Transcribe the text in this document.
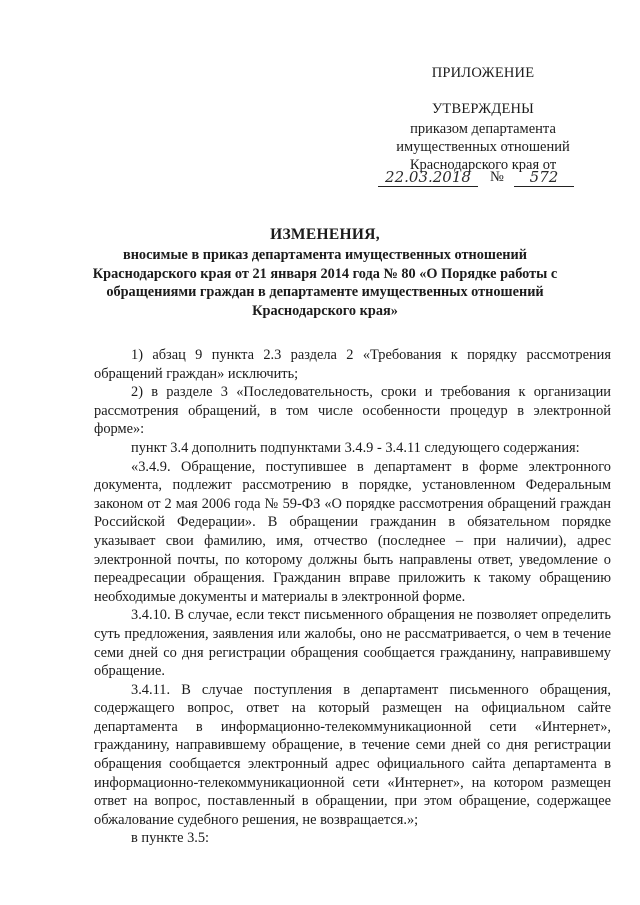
ПРИЛОЖЕНИЕ
УТВЕРЖДЕНЫ
приказом департамента
имущественных отношений
Краснодарского края от
22.03.2018	№	572
ИЗМЕНЕНИЯ,
вносимые в приказ департамента имущественных отношений
Краснодарского края от 21 января 2014 года № 80 «О Порядке работы с
обращениями граждан в департаменте имущественных отношений
Краснодарского края»

1) абзац 9 пункта 2.3 раздела 2 «Требования к порядку рассмотрения обращений граждан» исключить;

2) в разделе 3 «Последовательность, сроки и требования к организации рассмотрения обращений, в том числе особенности процедур в электронной форме»:

пункт 3.4 дополнить подпунктами 3.4.9 - 3.4.11 следующего содержания:

«3.4.9. Обращение, поступившее в департамент в форме электронного документа, подлежит рассмотрению в порядке, установленном Федеральным законом от 2 мая 2006 года № 59-ФЗ «О порядке рассмотрения обращений граждан Российской Федерации». В обращении гражданин в обязательном порядке указывает свои фамилию, имя, отчество (последнее – при наличии), адрес электронной почты, по которому должны быть направлены ответ, уведомление о переадресации обращения. Гражданин вправе приложить к такому обращению необходимые документы и материалы в электронной форме.

3.4.10. В случае, если текст письменного обращения не позволяет определить суть предложения, заявления или жалобы, оно не рассматривается, о чем в течение семи дней со дня регистрации обращения сообщается гражданину, направившему обращение.

3.4.11. В случае поступления в департамент письменного обращения, содержащего вопрос, ответ на который размещен на официальном сайте департамента в информационно-телекоммуникационной сети «Интернет», гражданину, направившему обращение, в течение семи дней со дня регистрации обращения сообщается электронный адрес официального сайта департамента в информационно-телекоммуникационной сети «Интернет», на котором размещен ответ на вопрос, поставленный в обращении, при этом обращение, содержащее обжалование судебного решения, не возвращается.»;

в пункте 3.5:
